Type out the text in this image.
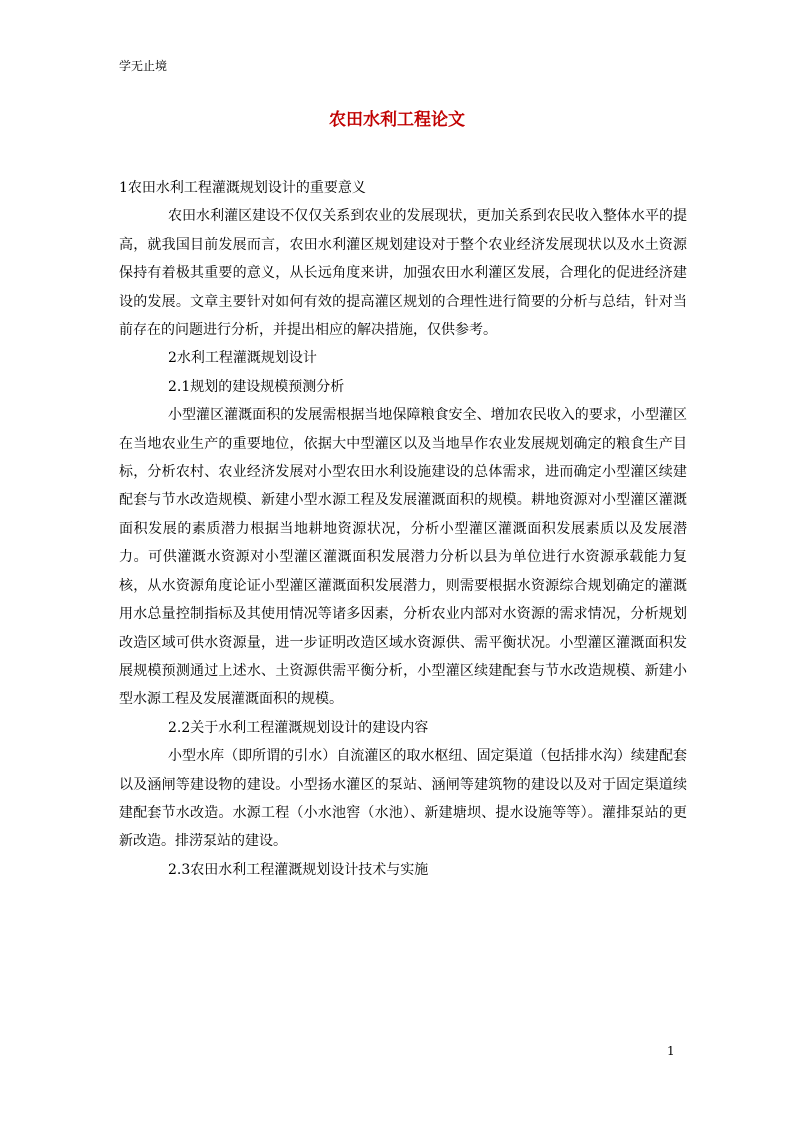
学无止境
农田水利工程论文

1农田水利工程灌溉规划设计的重要意义

农田水利灌区建设不仅仅关系到农业的发展现状，更加关系到农民收入整体水平的提高，就我国目前发展而言，农田水利灌区规划建设对于整个农业经济发展现状以及水土资源保持有着极其重要的意义，从长远角度来讲，加强农田水利灌区发展，合理化的促进经济建设的发展。文章主要针对如何有效的提高灌区规划的合理性进行简要的分析与总结，针对当前存在的问题进行分析，并提出相应的解决措施，仅供参考。

2水利工程灌溉规划设计

2.1规划的建设规模预测分析

小型灌区灌溉面积的发展需根据当地保障粮食安全、增加农民收入的要求，小型灌区在当地农业生产的重要地位，依据大中型灌区以及当地旱作农业发展规划确定的粮食生产目标，分析农村、农业经济发展对小型农田水利设施建设的总体需求，进而确定小型灌区续建配套与节水改造规模、新建小型水源工程及发展灌溉面积的规模。耕地资源对小型灌区灌溉面积发展的素质潜力根据当地耕地资源状况，分析小型灌区灌溉面积发展素质以及发展潜力。可供灌溉水资源对小型灌区灌溉面积发展潜力分析以县为单位进行水资源承载能力复核，从水资源角度论证小型灌区灌溉面积发展潜力，则需要根据水资源综合规划确定的灌溉用水总量控制指标及其使用情况等诸多因素，分析农业内部对水资源的需求情况，分析规划改造区域可供水资源量，进一步证明改造区域水资源供、需平衡状况。小型灌区灌溉面积发展规模预测通过上述水、土资源供需平衡分析，小型灌区续建配套与节水改造规模、新建小型水源工程及发展灌溉面积的规模。

2.2关于水利工程灌溉规划设计的建设内容

小型水库（即所谓的引水）自流灌区的取水枢纽、固定渠道（包括排水沟）续建配套以及涵闸等建设物的建设。小型扬水灌区的泵站、涵闸等建筑物的建设以及对于固定渠道续建配套节水改造。水源工程（小水池窖（水池）、新建塘坝、提水设施等等）。灌排泵站的更新改造。排涝泵站的建设。

2.3农田水利工程灌溉规划设计技术与实施

1
